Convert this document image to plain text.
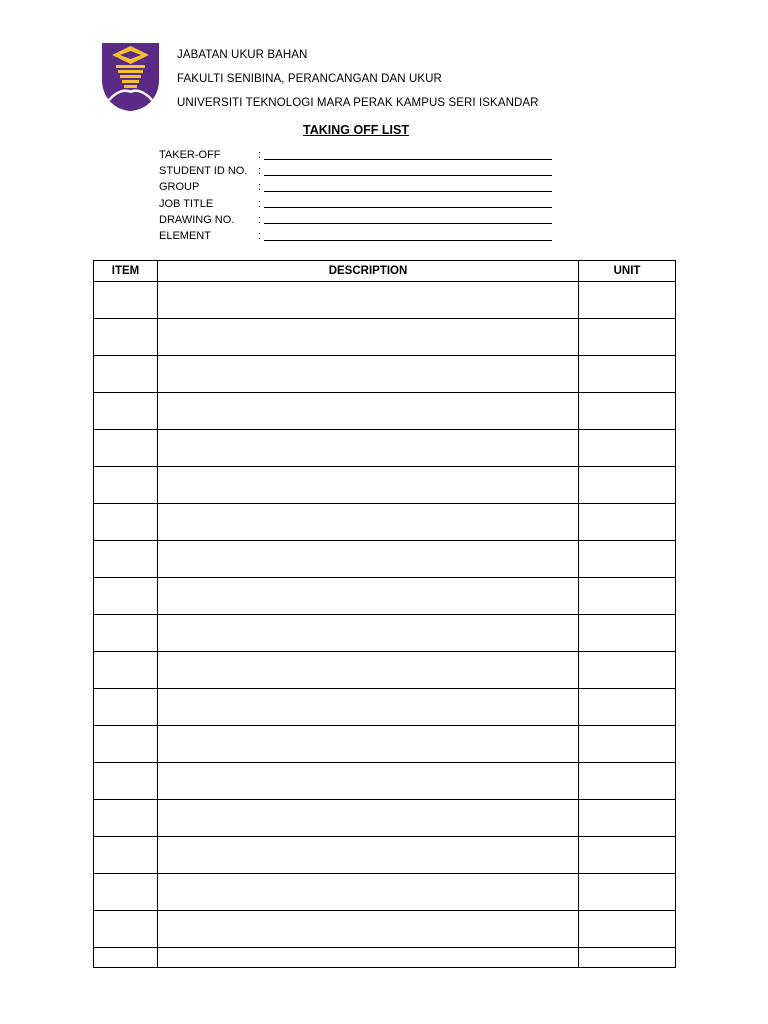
JABATAN UKUR BAHAN
FAKULTI SENIBINA, PERANCANGAN DAN UKUR
UNIVERSITI TEKNOLOGI MARA PERAK KAMPUS SERI ISKANDAR
TAKING OFF LIST
TAKER-OFF	:
STUDENT ID NO. :
GROUP	:
JOB TITLE	:
DRAWING NO.	:
ELEMENT	:
ITEM	DESCRIPTION	UNIT
